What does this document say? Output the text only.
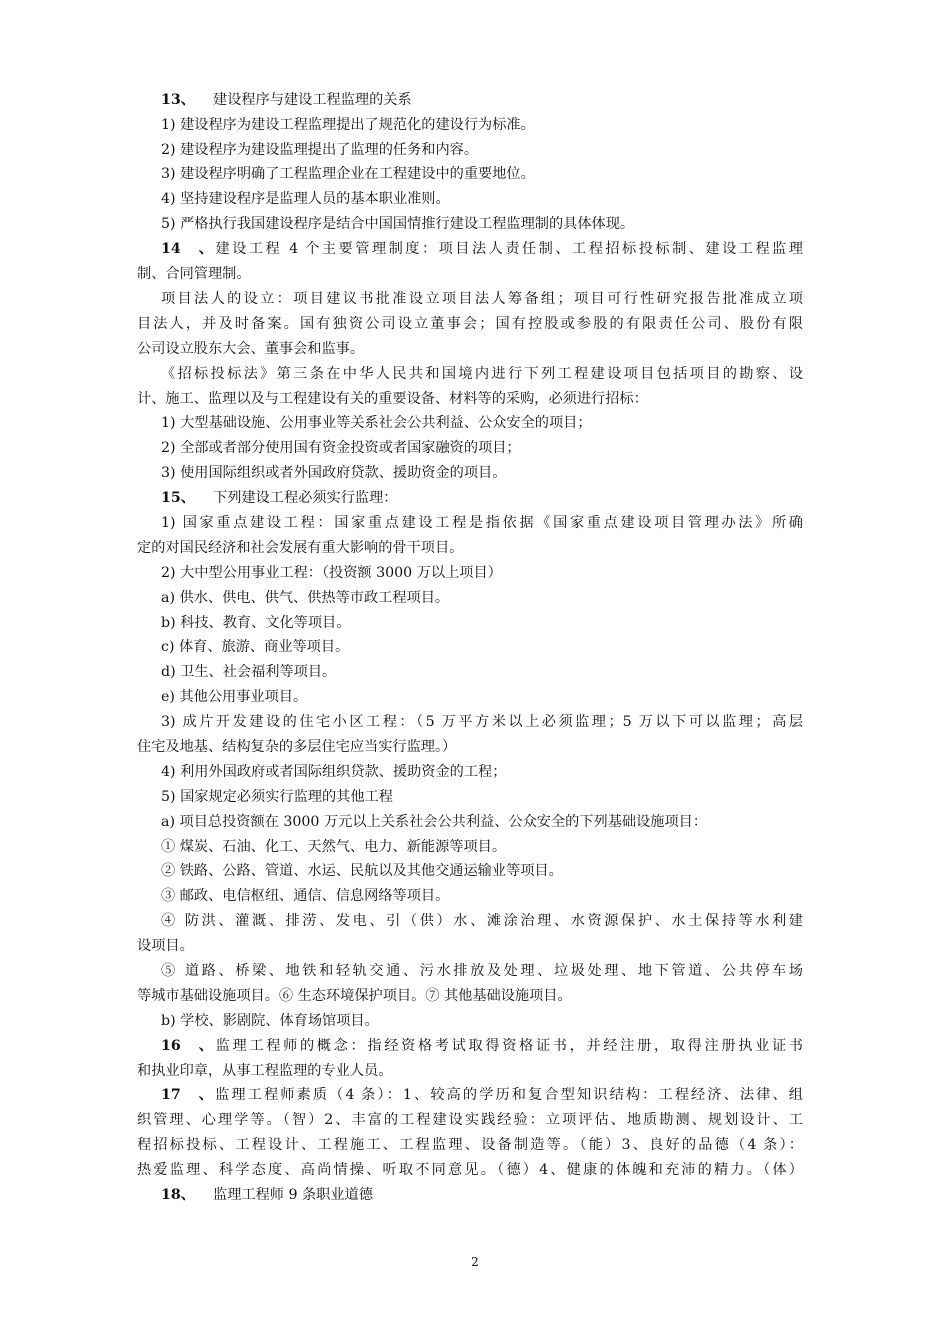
13、 建设程序与建设工程监理的关系
1) 建设程序为建设工程监理提出了规范化的建设行为标准。
2) 建设程序为建设监理提出了监理的任务和内容。
3) 建设程序明确了工程监理企业在工程建设中的重要地位。
4) 坚持建设程序是监理人员的基本职业准则。
5) 严格执行我国建设程序是结合中国国情推行建设工程监理制的具体体现。
14、建设工程 4 个主要管理制度：项目法人责任制、工程招标投标制、建设工程监理
制、合同管理制。
项目法人的设立：项目建议书批准设立项目法人筹备组；项目可行性研究报告批准成立项
目法人，并及时备案。国有独资公司设立董事会；国有控股或参股的有限责任公司、股份有限
公司设立股东大会、董事会和监事。
《招标投标法》第三条在中华人民共和国境内进行下列工程建设项目包括项目的勘察、设
计、施工、监理以及与工程建设有关的重要设备、材料等的采购，必须进行招标：
1) 大型基础设施、公用事业等关系社会公共利益、公众安全的项目；
2) 全部或者部分使用国有资金投资或者国家融资的项目；
3) 使用国际组织或者外国政府贷款、援助资金的项目。
15、 下列建设工程必须实行监理：
1) 国家重点建设工程：国家重点建设工程是指依据《国家重点建设项目管理办法》所确
定的对国民经济和社会发展有重大影响的骨干项目。
2) 大中型公用事业工程：（投资额 3000 万以上项目）
a) 供水、供电、供气、供热等市政工程项目。
b) 科技、教育、文化等项目。
c) 体育、旅游、商业等项目。
d) 卫生、社会福利等项目。
e) 其他公用事业项目。
3) 成片开发建设的住宅小区工程：（5 万平方米以上必须监理；5 万以下可以监理；高层
住宅及地基、结构复杂的多层住宅应当实行监理。）
4) 利用外国政府或者国际组织贷款、援助资金的工程；
5) 国家规定必须实行监理的其他工程
a) 项目总投资额在 3000 万元以上关系社会公共利益、公众安全的下列基础设施项目：
① 煤炭、石油、化工、天然气、电力、新能源等项目。
② 铁路、公路、管道、水运、民航以及其他交通运输业等项目。
③ 邮政、电信枢纽、通信、信息网络等项目。
④ 防洪、灌溉、排涝、发电、引（供）水、滩涂治理、水资源保护、水土保持等水利建
设项目。
⑤ 道路、桥梁、地铁和轻轨交通、污水排放及处理、垃圾处理、地下管道、公共停车场
等城市基础设施项目。⑥ 生态环境保护项目。⑦ 其他基础设施项目。
b) 学校、影剧院、体育场馆项目。
16、监理工程师的概念：指经资格考试取得资格证书，并经注册，取得注册执业证书
和执业印章，从事工程监理的专业人员。
17、监理工程师素质（4 条）：1、较高的学历和复合型知识结构：工程经济、法律、组
织管理、心理学等。（智）2、丰富的工程建设实践经验：立项评估、地质勘测、规划设计、工
程招标投标、工程设计、工程施工、工程监理、设备制造等。（能）3、良好的品德（4 条）：
热爱监理、科学态度、高尚情操、听取不同意见。（德）4、健康的体魄和充沛的精力。（体）
18、 监理工程师 9 条职业道德
2
